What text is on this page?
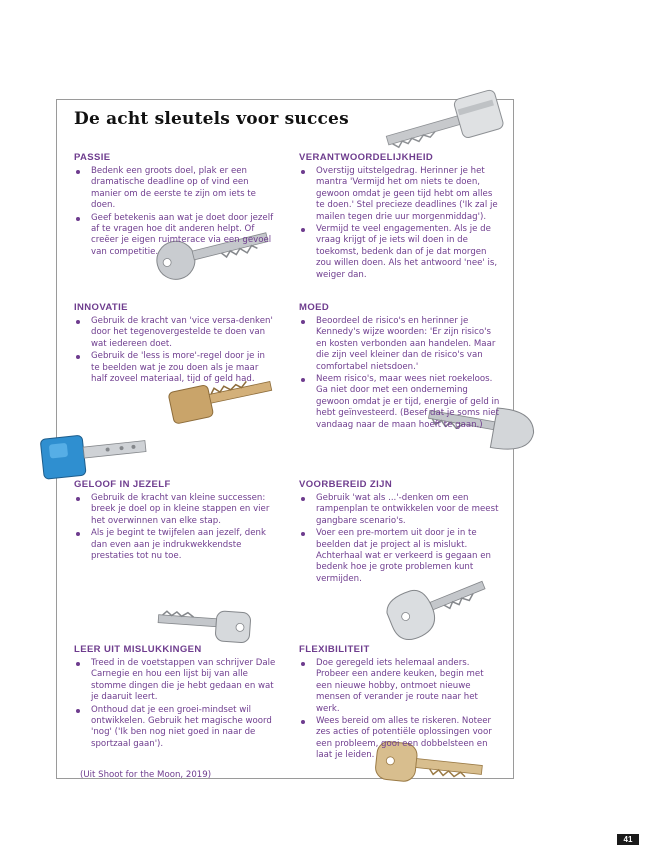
De acht sleutels voor succes
PASSIE
Bedenk een groots doel, plak er een dramatische deadline op of vind een manier om de eerste te zijn om iets te doen.
Geef betekenis aan wat je doet door jezelf af te vragen hoe dit anderen helpt. Of creëer je eigen ruimterace via een gevoel van competitie.
VERANTWOORDELIJKHEID
Overstijg uitstelgedrag. Herinner je het mantra 'Vermijd het om niets te doen, gewoon omdat je geen tijd hebt om alles te doen.' Stel precieze deadlines ('Ik zal je mailen tegen drie uur morgenmiddag').
Vermijd te veel engagementen. Als je de vraag krijgt of je iets wil doen in de toekomst, bedenk dan of je dat morgen zou willen doen. Als het antwoord 'nee' is, weiger dan.
INNOVATIE
Gebruik de kracht van 'vice versa-denken' door het tegenovergestelde te doen van wat iedereen doet.
Gebruik de 'less is more'-regel door je in te beelden wat je zou doen als je maar half zoveel materiaal, tijd of geld had.
MOED
Beoordeel de risico's en herinner je Kennedy's wijze woorden: 'Er zijn risico's en kosten verbonden aan handelen. Maar die zijn veel kleiner dan de risico's van comfortabel nietsdoen.'
Neem risico's, maar wees niet roekeloos. Ga niet door met een onderneming gewoon omdat je er tijd, energie of geld in hebt geïnvesteerd. (Besef dat je soms niet vandaag naar de maan hoeft te gaan.)
GELOOF IN JEZELF
Gebruik de kracht van kleine successen: breek je doel op in kleine stappen en vier het overwinnen van elke stap.
Als je begint te twijfelen aan jezelf, denk dan even aan je indrukwekkendste prestaties tot nu toe.
VOORBEREID ZIJN
Gebruik 'wat als ...'-denken om een rampenplan te ontwikkelen voor de meest gangbare scenario's.
Voer een pre-mortem uit door je in te beelden dat je project al is mislukt. Achterhaal wat er verkeerd is gegaan en bedenk hoe je grote problemen kunt vermijden.
LEER UIT MISLUKKINGEN
Treed in de voetstappen van schrijver Dale Carnegie en hou een lijst bij van alle stomme dingen die je hebt gedaan en wat je daaruit leert.
Onthoud dat je een groei-mindset wil ontwikkelen. Gebruik het magische woord 'nog' ('Ik ben nog niet goed in naar de sportzaal gaan').
FLEXIBILITEIT
Doe geregeld iets helemaal anders. Probeer een andere keuken, begin met een nieuwe hobby, ontmoet nieuwe mensen of verander je route naar het werk.
Wees bereid om alles te riskeren. Noteer zes acties of potentiële oplossingen voor een probleem, gooi een dobbelsteen en laat je leiden.
(Uit Shoot for the Moon, 2019)
41
